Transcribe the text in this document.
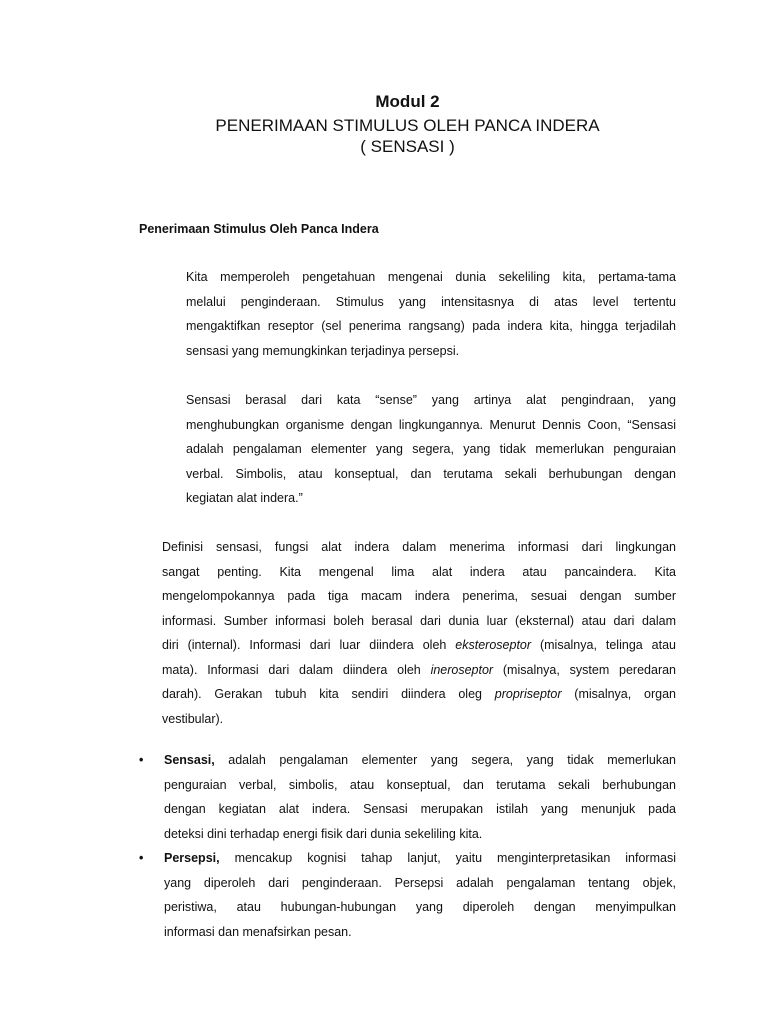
Modul 2
PENERIMAAN STIMULUS OLEH PANCA INDERA
( SENSASI )
Penerimaan Stimulus Oleh Panca Indera

Kita memperoleh pengetahuan mengenai dunia sekeliling kita, pertama-tama
melalui penginderaan. Stimulus yang intensitasnya di atas level tertentu
mengaktifkan reseptor (sel penerima rangsang) pada indera kita, hingga terjadilah
sensasi yang memungkinkan terjadinya persepsi.

Sensasi berasal dari kata “sense” yang artinya alat pengindraan, yang
menghubungkan organisme dengan lingkungannya. Menurut Dennis Coon, “Sensasi
adalah pengalaman elementer yang segera, yang tidak memerlukan penguraian
verbal. Simbolis, atau konseptual, dan terutama sekali berhubungan dengan
kegiatan alat indera.”

Definisi sensasi, fungsi alat indera dalam menerima informasi dari lingkungan
sangat penting. Kita mengenal lima alat indera atau pancaindera. Kita
mengelompokannya pada tiga macam indera penerima, sesuai dengan sumber
informasi. Sumber informasi boleh berasal dari dunia luar (eksternal) atau dari dalam
diri (internal). Informasi dari luar diindera oleh eksteroseptor (misalnya, telinga atau
mata). Informasi dari dalam diindera oleh ineroseptor (misalnya, system peredaran
darah). Gerakan tubuh kita sendiri diindera oleg propriseptor (misalnya, organ
vestibular).

• Sensasi, adalah pengalaman elementer yang segera, yang tidak memerlukan
penguraian verbal, simbolis, atau konseptual, dan terutama sekali berhubungan
dengan kegiatan alat indera. Sensasi merupakan istilah yang menunjuk pada
deteksi dini terhadap energi fisik dari dunia sekeliling kita.
• Persepsi, mencakup kognisi tahap lanjut, yaitu menginterpretasikan informasi
yang diperoleh dari penginderaan. Persepsi adalah pengalaman tentang objek,
peristiwa, atau hubungan-hubungan yang diperoleh dengan menyimpulkan
informasi dan menafsirkan pesan.
